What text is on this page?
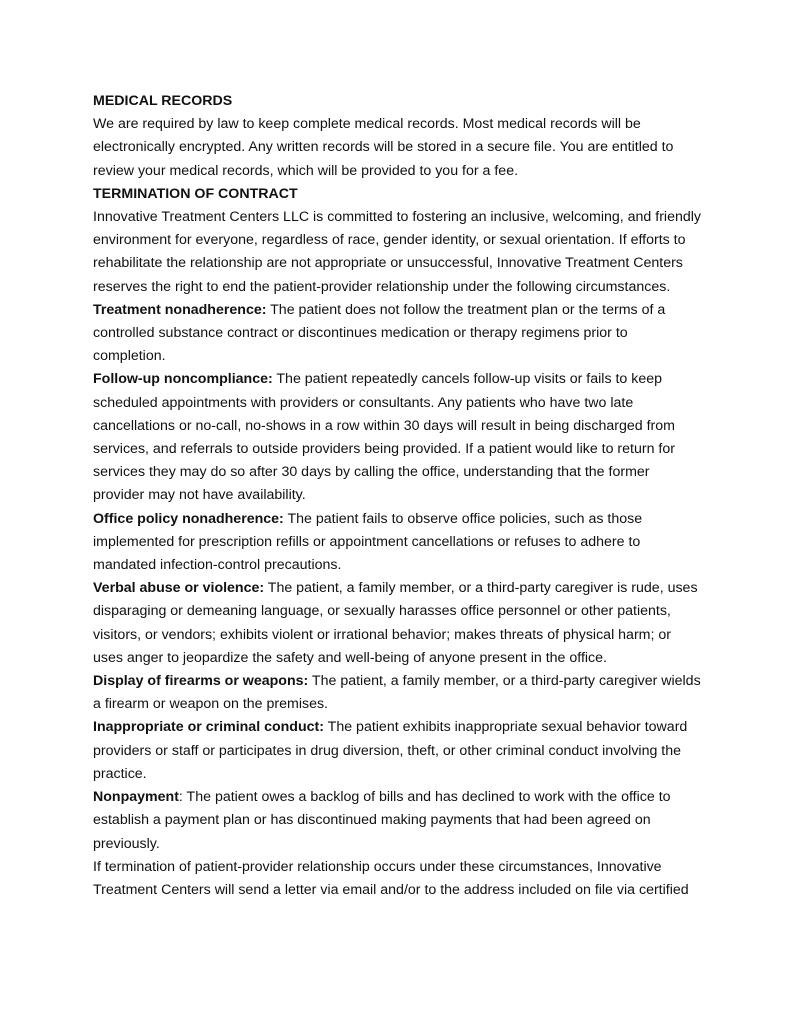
MEDICAL RECORDS

We are required by law to keep complete medical records. Most medical records will be electronically encrypted. Any written records will be stored in a secure file. You are entitled to review your medical records, which will be provided to you for a fee.

TERMINATION OF CONTRACT

Innovative Treatment Centers LLC is committed to fostering an inclusive, welcoming, and friendly environment for everyone, regardless of race, gender identity, or sexual orientation. If efforts to rehabilitate the relationship are not appropriate or unsuccessful, Innovative Treatment Centers reserves the right to end the patient-provider relationship under the following circumstances.

Treatment nonadherence: The patient does not follow the treatment plan or the terms of a controlled substance contract or discontinues medication or therapy regimens prior to completion.

Follow-up noncompliance: The patient repeatedly cancels follow-up visits or fails to keep scheduled appointments with providers or consultants. Any patients who have two late cancellations or no-call, no-shows in a row within 30 days will result in being discharged from services, and referrals to outside providers being provided. If a patient would like to return for services they may do so after 30 days by calling the office, understanding that the former provider may not have availability.

Office policy nonadherence: The patient fails to observe office policies, such as those implemented for prescription refills or appointment cancellations or refuses to adhere to mandated infection-control precautions.

Verbal abuse or violence: The patient, a family member, or a third-party caregiver is rude, uses disparaging or demeaning language, or sexually harasses office personnel or other patients, visitors, or vendors; exhibits violent or irrational behavior; makes threats of physical harm; or uses anger to jeopardize the safety and well-being of anyone present in the office.

Display of firearms or weapons: The patient, a family member, or a third-party caregiver wields a firearm or weapon on the premises.

Inappropriate or criminal conduct: The patient exhibits inappropriate sexual behavior toward providers or staff or participates in drug diversion, theft, or other criminal conduct involving the practice.

Nonpayment: The patient owes a backlog of bills and has declined to work with the office to establish a payment plan or has discontinued making payments that had been agreed on previously.

If termination of patient-provider relationship occurs under these circumstances, Innovative Treatment Centers will send a letter via email and/or to the address included on file via certified
